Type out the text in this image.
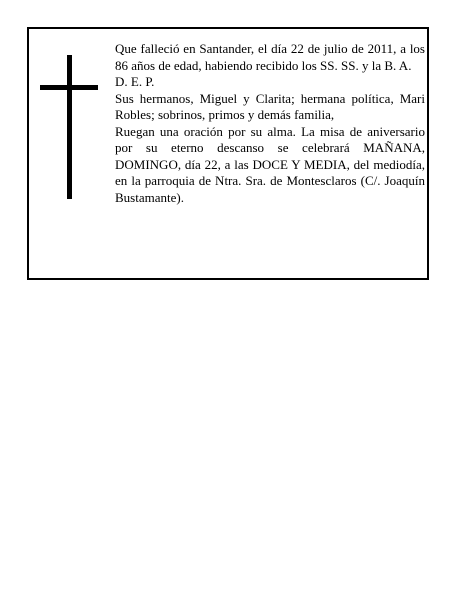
Que falleció en Santander, el día 22 de julio de 2011, a los 86 años de edad, habiendo recibido los SS. SS. y la B. A.

D. E. P.

Sus hermanos, Miguel y Clarita; hermana política, Mari Robles; sobrinos, primos y demás familia,

Ruegan una oración por su alma. La misa de aniversario por su eterno descanso se celebrará MAÑANA, DOMINGO, día 22, a las DOCE Y MEDIA, del mediodía, en la parroquia de Ntra. Sra. de Montesclaros (C/. Joaquín Bustamante).
